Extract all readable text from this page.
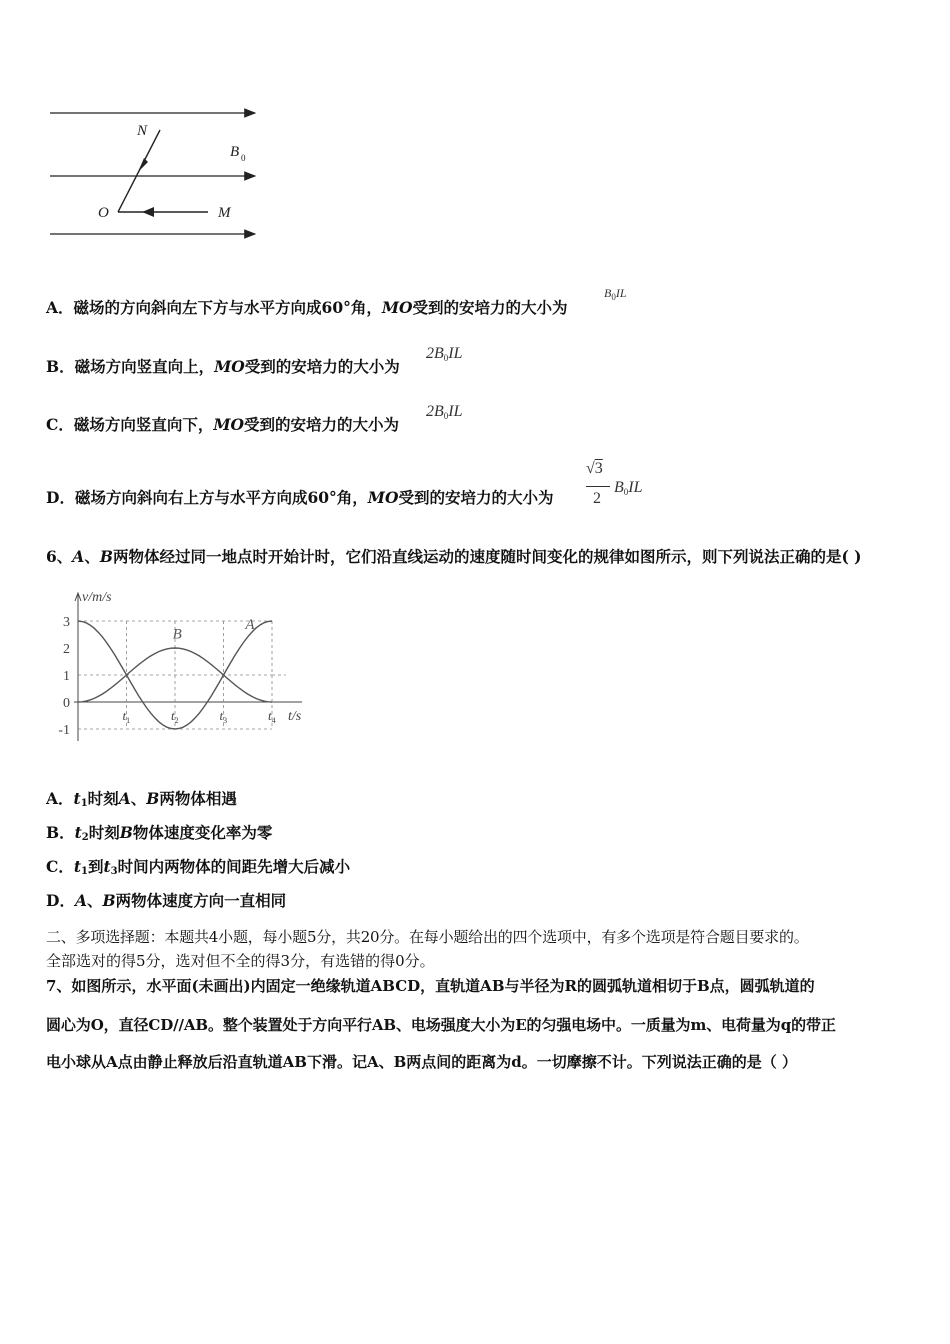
N
B 0
O	M
A．磁场的方向斜向左下方与水平方向成60°角，MO受到的安培力的大小为
$B_0IL$
B．磁场方向竖直向上，MO受到的安培力的大小为
$2B_0IL$
C．磁场方向竖直向下，MO受到的安培力的大小为
$2B_0IL$
D．磁场方向斜向右上方与水平方向成60°角，MO受到的安培力的大小为
√3
2
$B_0IL$
6、A、B两物体经过同一地点时开始计时，它们沿直线运动的速度随时间变化的规律如图所示，则下列说法正确的是( )
3
2
1
0
-1
$t_1$	$t_2$	$t_3$	$t_4$
v/m/s
t/s
A
B
A．t1时刻A、B两物体相遇
B．t2时刻B物体速度变化率为零
C．t1到t3时间内两物体的间距先增大后减小
D．A、B两物体速度方向一直相同
二、多项选择题：本题共4小题，每小题5分，共20分。在每小题给出的四个选项中，有多个选项是符合题目要求的。
全部选对的得5分，选对但不全的得3分，有选错的得0分。
7、如图所示，水平面(未画出)内固定一绝缘轨道ABCD，直轨道AB与半径为R的圆弧轨道相切于B点，圆弧轨道的
圆心为O，直径CD//AB。整个装置处于方向平行AB、电场强度大小为E的匀强电场中。一质量为m、电荷量为q的带正
电小球从A点由静止释放后沿直轨道AB下滑。记A、B两点间的距离为d。一切摩擦不计。下列说法正确的是（ ）
